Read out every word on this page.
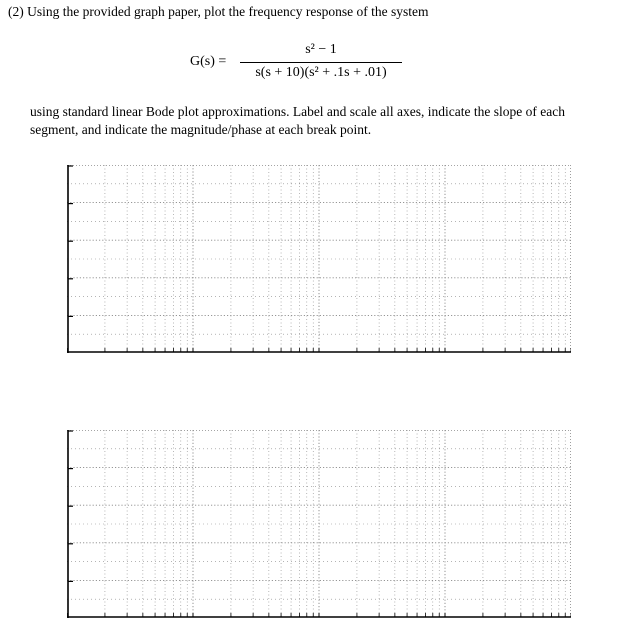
(2) Using the provided graph paper, plot the frequency response of the system
G(s) =
s² − 1
s(s + 10)(s² + .1s + .01)

using standard linear Bode plot approximations. Label and scale all axes, indicate the slope of each

segment, and indicate the magnitude/phase at each break point.
